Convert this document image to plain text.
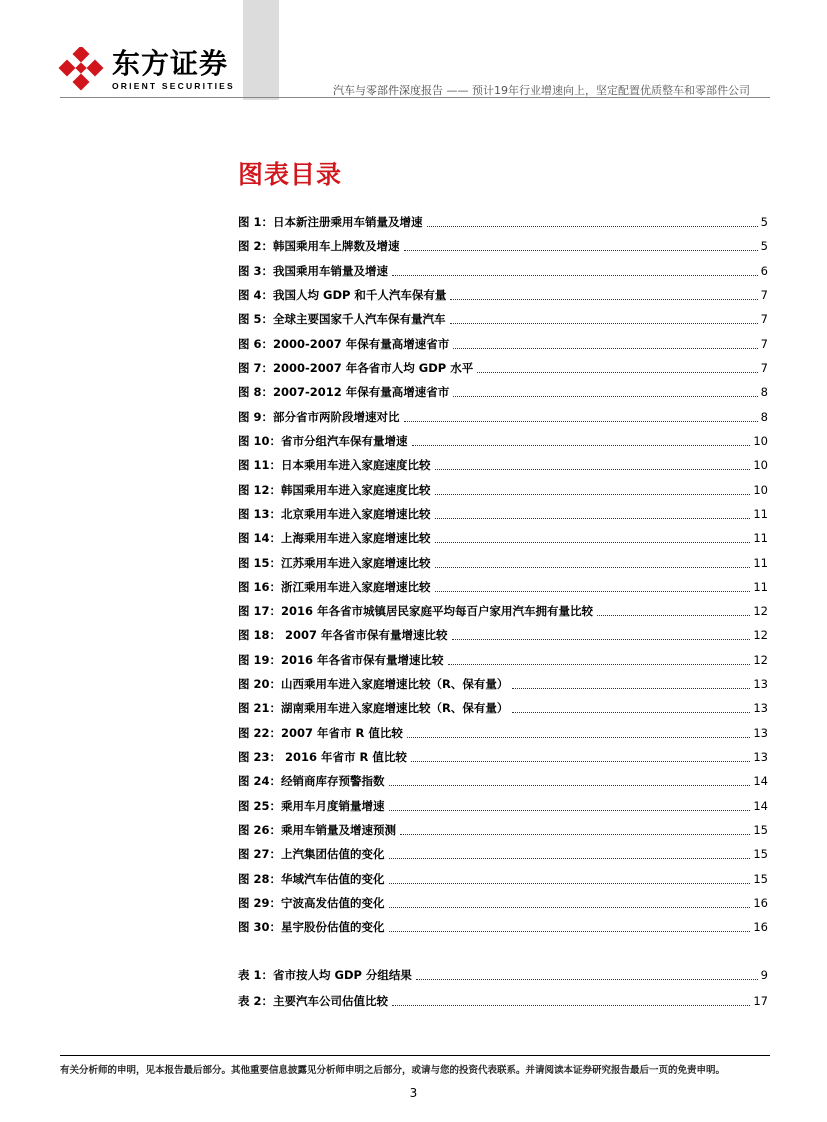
东方证券
ORIENT SECURITIES	汽车与零部件深度报告 —— 预计19年行业增速向上，坚定配置优质整车和零部件公司
图表目录
图 1：日本新注册乘用车销量及增速	5
图 2：韩国乘用车上牌数及增速	5
图 3：我国乘用车销量及增速	6
图 4：我国人均 GDP 和千人汽车保有量	7
图 5：全球主要国家千人汽车保有量汽车	7
图 6：2000-2007 年保有量高增速省市	7
图 7：2000-2007 年各省市人均 GDP 水平	7
图 8：2007-2012 年保有量高增速省市	8
图 9：部分省市两阶段增速对比	8
图 10：省市分组汽车保有量增速	10
图 11：日本乘用车进入家庭速度比较	10
图 12：韩国乘用车进入家庭速度比较	10
图 13：北京乘用车进入家庭增速比较	11
图 14：上海乘用车进入家庭增速比较	11
图 15：江苏乘用车进入家庭增速比较	11
图 16：浙江乘用车进入家庭增速比较	11
图 17：2016 年各省市城镇居民家庭平均每百户家用汽车拥有量比较	12
图 18： 2007 年各省市保有量增速比较	12
图 19：2016 年各省市保有量增速比较	12
图 20：山西乘用车进入家庭增速比较（R、保有量）	13
图 21：湖南乘用车进入家庭增速比较（R、保有量）	13
图 22：2007 年省市 R 值比较	13
图 23： 2016 年省市 R 值比较	13
图 24：经销商库存预警指数	14
图 25：乘用车月度销量增速	14
图 26：乘用车销量及增速预测	15
图 27：上汽集团估值的变化	15
图 28：华域汽车估值的变化	15
图 29：宁波高发估值的变化	16
图 30：星宇股份估值的变化	16
表 1：省市按人均 GDP 分组结果	9
表 2：主要汽车公司估值比较	17
有关分析师的申明，见本报告最后部分。其他重要信息披露见分析师申明之后部分，或请与您的投资代表联系。并请阅读本证券研究报告最后一页的免责申明。
3
